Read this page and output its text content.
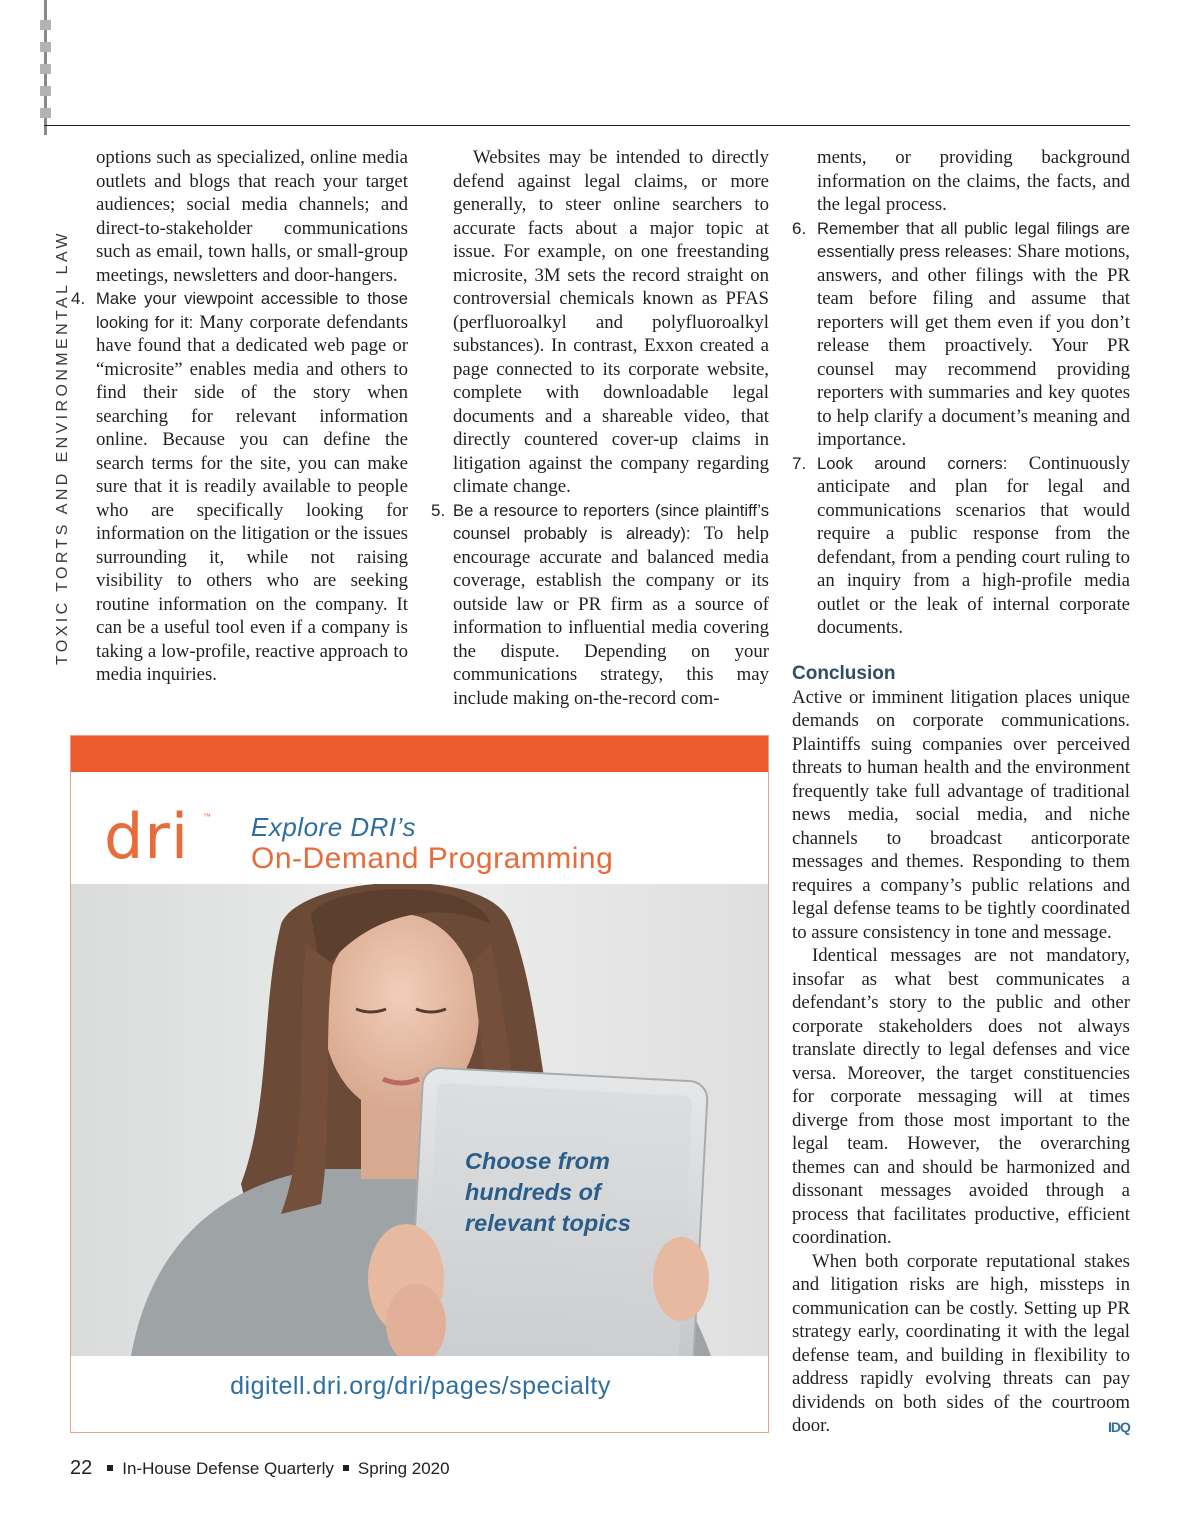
TOXIC TORTS AND ENVIRONMENTAL LAW

options such as specialized, online media outlets and blogs that reach your target audiences; social media channels; and direct-to-stakeholder communications such as email, town halls, or small-group meetings, newsletters and door-hangers.

4. Make your viewpoint accessible to those looking for it: Many corporate defendants have found that a dedicated web page or “microsite” enables media and others to find their side of the story when searching for relevant information online. Because you can define the search terms for the site, you can make sure that it is readily available to people who are specifically looking for information on the litigation or the issues surrounding it, while not raising visibility to others who are seeking routine information on the company. It can be a useful tool even if a company is taking a low-profile, reactive approach to media inquiries.

Websites may be intended to directly defend against legal claims, or more generally, to steer online searchers to accurate facts about a major topic at issue. For example, on one freestanding microsite, 3M sets the record straight on controversial chemicals known as PFAS (perfluoroalkyl and polyfluoroalkyl substances). In contrast, Exxon created a page connected to its corporate website, complete with downloadable legal documents and a shareable video, that directly countered cover-up claims in litigation against the company regarding climate change.

5. Be a resource to reporters (since plaintiff’s counsel probably is already): To help encourage accurate and balanced media coverage, establish the company or its outside law or PR firm as a source of information to influential media covering the dispute. Depending on your communications strategy, this may include making on-the-record com-

ments, or providing background information on the claims, the facts, and the legal process.

6. Remember that all public legal filings are essentially press releases: Share motions, answers, and other filings with the PR team before filing and assume that reporters will get them even if you don’t release them proactively. Your PR counsel may recommend providing reporters with summaries and key quotes to help clarify a document’s meaning and importance.

7. Look around corners: Continuously anticipate and plan for legal and communications scenarios that would require a public response from the defendant, from a pending court ruling to an inquiry from a high-profile media outlet or the leak of internal corporate documents.

Conclusion

Active or imminent litigation places unique demands on corporate communications. Plaintiffs suing companies over perceived threats to human health and the environment frequently take full advantage of traditional news media, social media, and niche channels to broadcast anticorporate messages and themes. Responding to them requires a company’s public relations and legal defense teams to be tightly coordinated to assure consistency in tone and message.

Identical messages are not mandatory, insofar as what best communicates a defendant’s story to the public and other corporate stakeholders does not always translate directly to legal defenses and vice versa. Moreover, the target constituencies for corporate messaging will at times diverge from those most important to the legal team. However, the overarching themes can and should be harmonized and dissonant messages avoided through a process that facilitates productive, efficient coordination.

When both corporate reputational stakes and litigation risks are high, missteps in communication can be costly. Setting up PR strategy early, coordinating it with the legal defense team, and building in flexibility to address rapidly evolving threats can pay dividends on both sides of the courtroom door.	IDQ
dri ™ Explore DRI’s
On-Demand Programming
Choose from
hundreds of
relevant topics
digitell.dri.org/dri/pages/specialty
22 In-House Defense Quarterly Spring 2020
